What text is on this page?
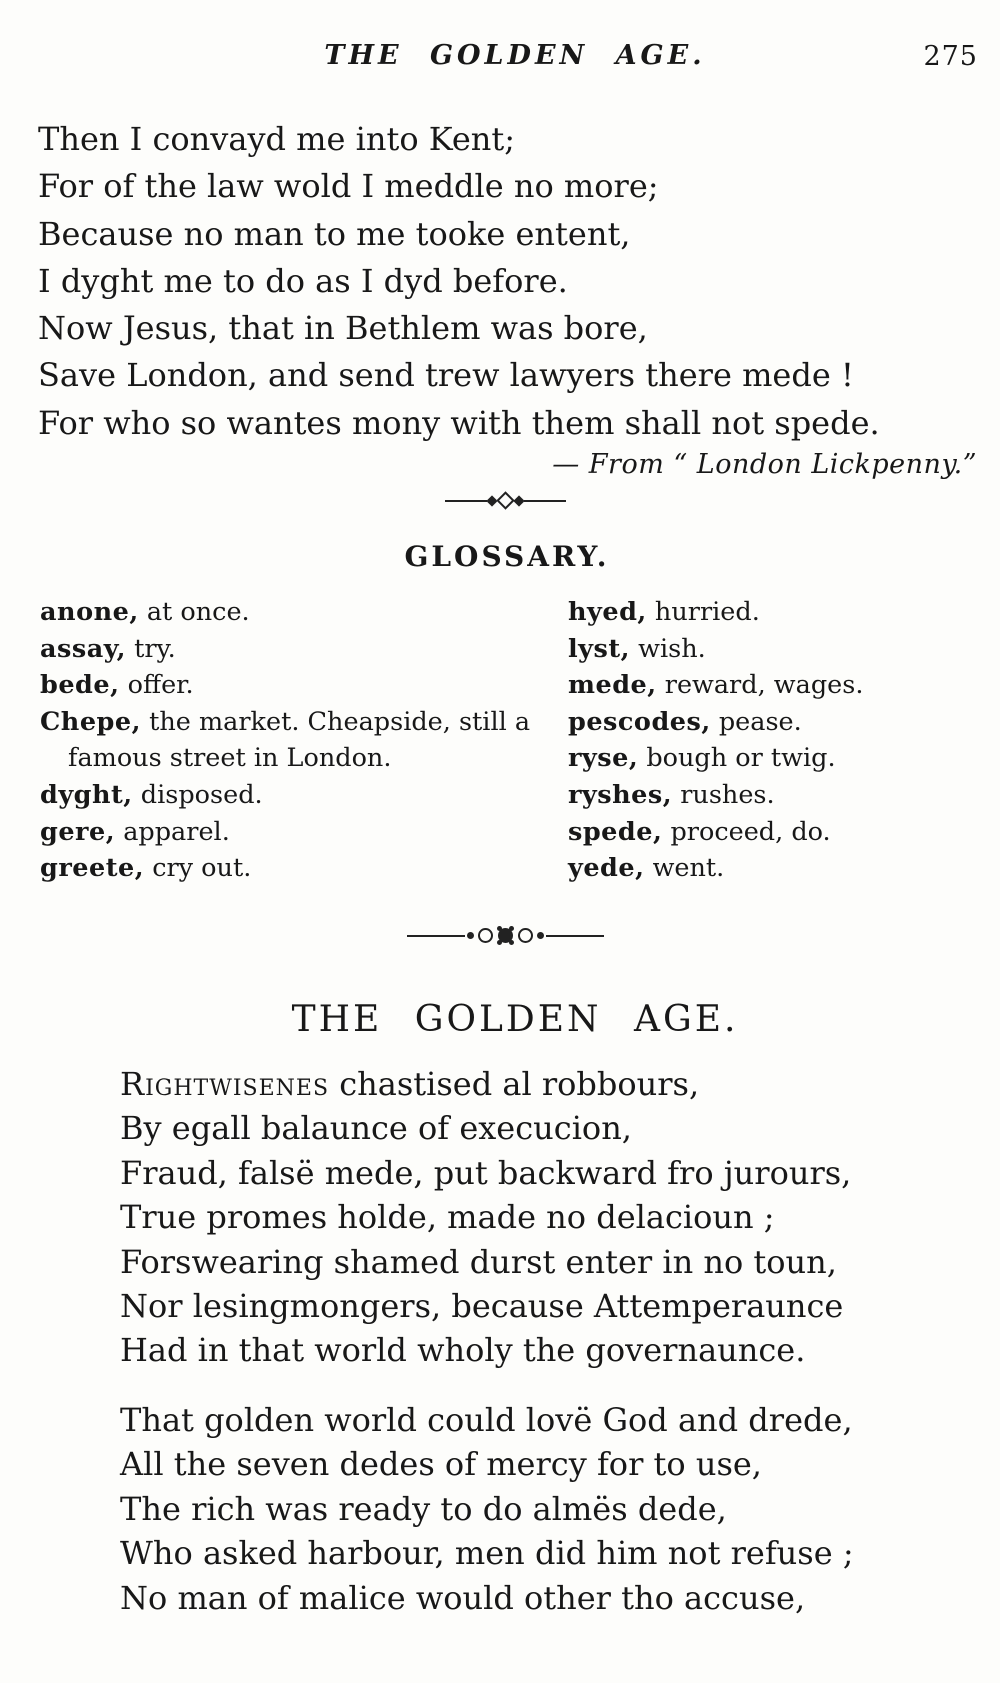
THE GOLDEN AGE.	275
Then I convayd me into Kent;
For of the law wold I meddle no more;
Because no man to me tooke entent,
I dyght me to do as I dyd before.
Now Jesus, that in Bethlem was bore,
Save London, and send trew lawyers there mede !
For who so wantes mony with them shall not spede.
— From “ London Lickpenny.”
GLOSSARY.
anone, at once.
assay, try.
bede, offer.
Chepe, the market. Cheapside, still a
famous street in London.
dyght, disposed.
gere, apparel.
greete, cry out.
hyed, hurried.
lyst, wish.
mede, reward, wages.
pescodes, pease.
ryse, bough or twig.
ryshes, rushes.
spede, proceed, do.
yede, went.
THE GOLDEN AGE.
Rightwisenes chastised al robbours,
By egall balaunce of execucion,
Fraud, falsë mede, put backward fro jurours,
True promes holde, made no delacioun ;
Forswearing shamed durst enter in no toun,
Nor lesingmongers, because Attemperaunce
Had in that world wholy the governaunce.
That golden world could lovë God and drede,
All the seven dedes of mercy for to use,
The rich was ready to do almës dede,
Who asked harbour, men did him not refuse ;
No man of malice would other tho accuse,
